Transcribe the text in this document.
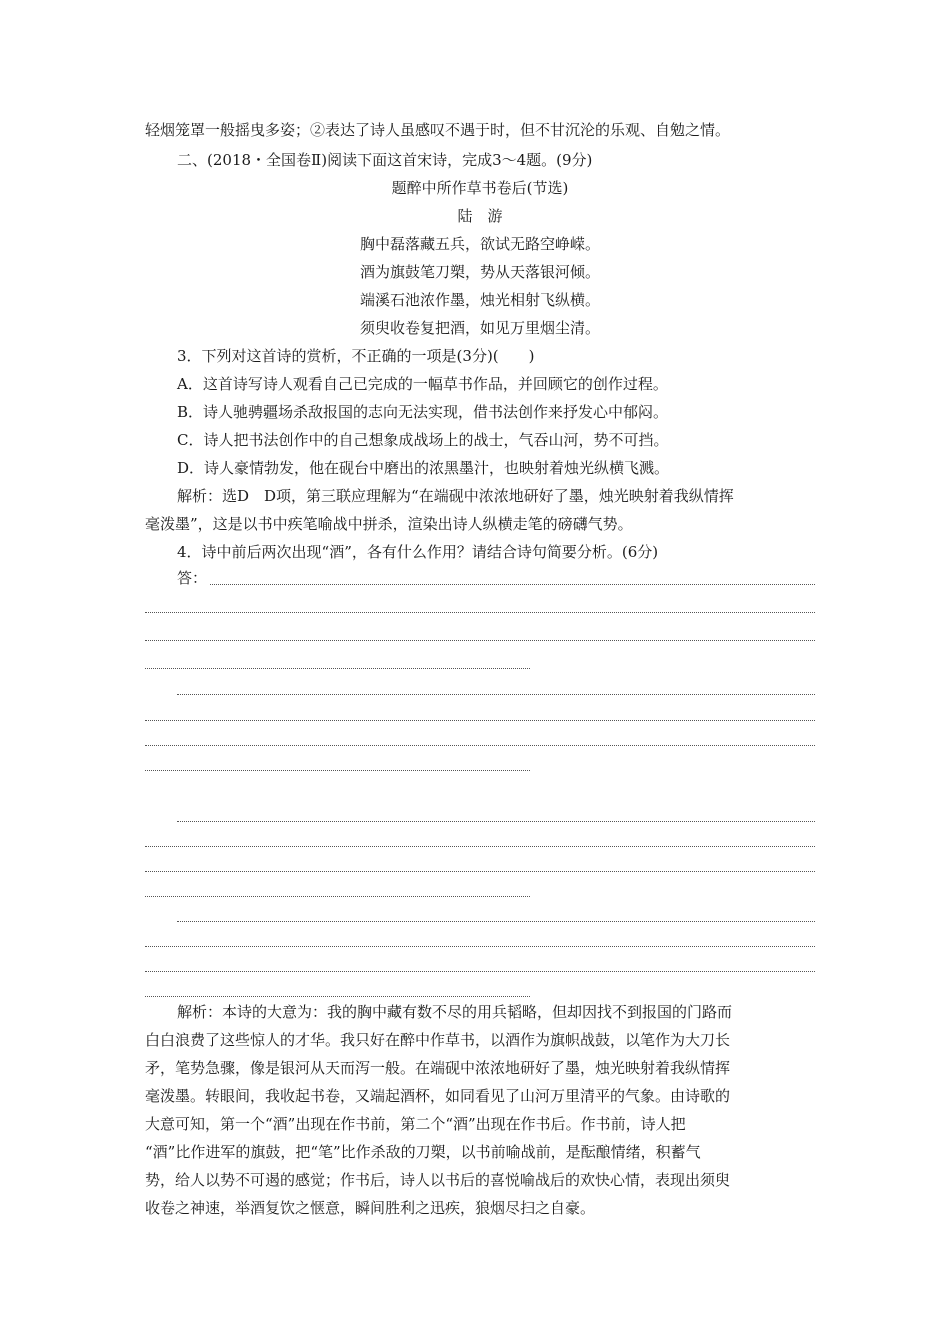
轻烟笼罩一般摇曳多姿；②表达了诗人虽感叹不遇于时，但不甘沉沦的乐观、自勉之情。
二、(2018・全国卷Ⅱ)阅读下面这首宋诗，完成3～4题。(9分)
题醉中所作草书卷后(节选)
陆　游
胸中磊落藏五兵，欲试无路空峥嵘。
酒为旗鼓笔刀槊，势从天落银河倾。
端溪石池浓作墨，烛光相射飞纵横。
须臾收卷复把酒，如见万里烟尘清。
3．下列对这首诗的赏析，不正确的一项是(3分)(　　)
A．这首诗写诗人观看自己已完成的一幅草书作品，并回顾它的创作过程。
B．诗人驰骋疆场杀敌报国的志向无法实现，借书法创作来抒发心中郁闷。
C．诗人把书法创作中的自己想象成战场上的战士，气吞山河，势不可挡。
D．诗人豪情勃发，他在砚台中磨出的浓黑墨汁，也映射着烛光纵横飞溅。
解析：选D　D项，第三联应理解为“在端砚中浓浓地研好了墨，烛光映射着我纵情挥
毫泼墨”，这是以书中疾笔喻战中拼杀，渲染出诗人纵横走笔的磅礴气势。
4．诗中前后两次出现“酒”，各有什么作用？请结合诗句简要分析。(6分)
答：
解析：本诗的大意为：我的胸中藏有数不尽的用兵韬略，但却因找不到报国的门路而
白白浪费了这些惊人的才华。我只好在醉中作草书，以酒作为旗帜战鼓，以笔作为大刀长
矛，笔势急骤，像是银河从天而泻一般。在端砚中浓浓地研好了墨，烛光映射着我纵情挥
毫泼墨。转眼间，我收起书卷，又端起酒杯，如同看见了山河万里清平的气象。由诗歌的
大意可知，第一个“酒”出现在作书前，第二个“酒”出现在作书后。作书前，诗人把
“酒”比作进军的旗鼓，把“笔”比作杀敌的刀槊，以书前喻战前，是酝酿情绪，积蓄气
势，给人以势不可遏的感觉；作书后，诗人以书后的喜悦喻战后的欢快心情，表现出须臾
收卷之神速，举酒复饮之惬意，瞬间胜利之迅疾，狼烟尽扫之自豪。
